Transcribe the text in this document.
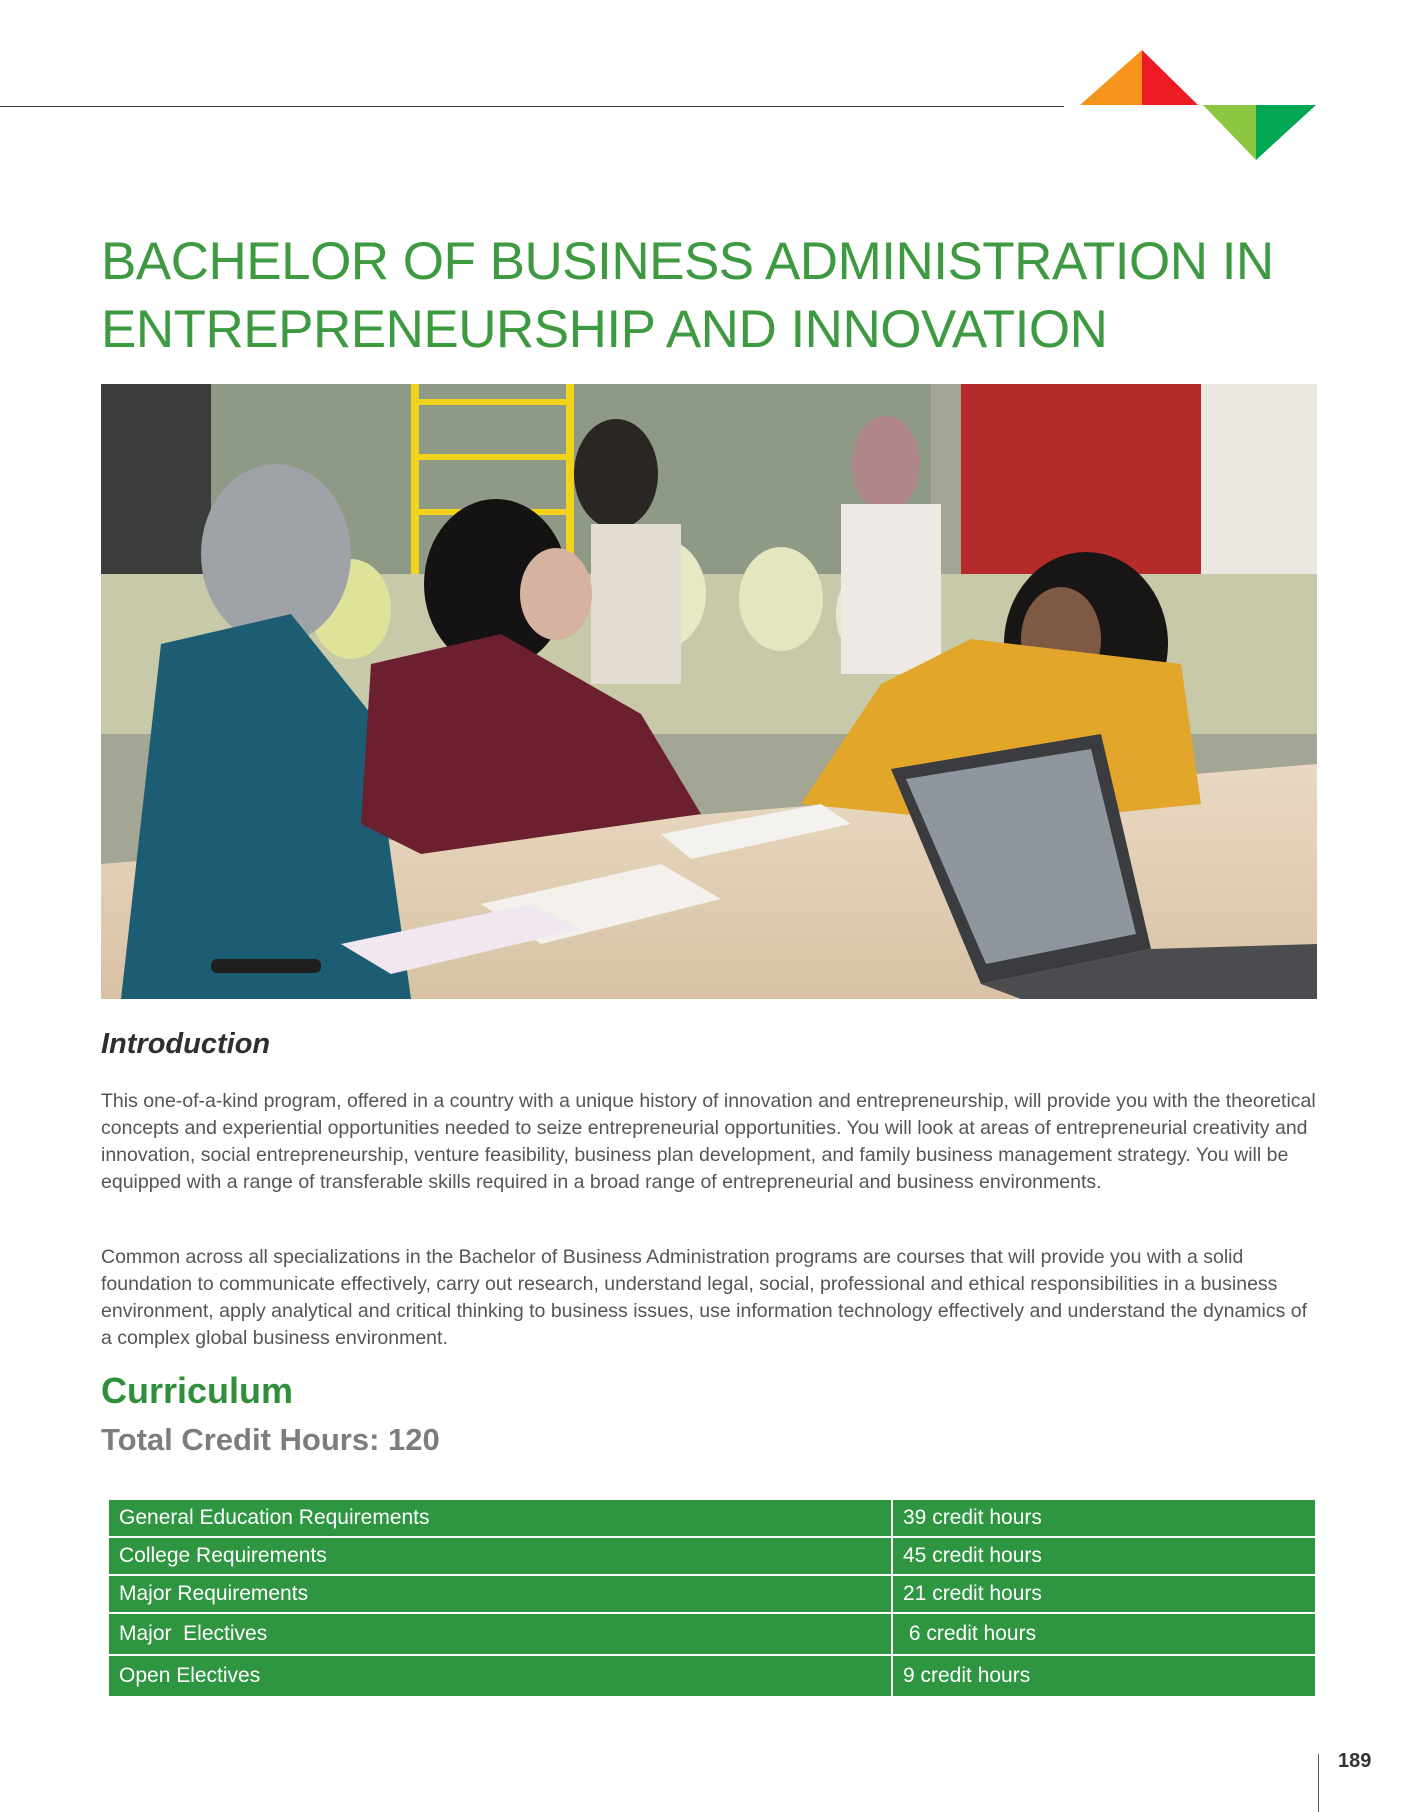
BACHELOR OF BUSINESS ADMINISTRATION IN
ENTREPRENEURSHIP AND INNOVATION
Introduction

This one-of-a-kind program, offered in a country with a unique history of innovation and entrepreneurship, will provide you with the theoretical concepts and experiential opportunities needed to seize entrepreneurial opportunities. You will look at areas of entrepreneurial creativity and innovation, social entrepreneurship, venture feasibility, business plan development, and family business management strategy. You will be equipped with a range of transferable skills required in a broad range of entrepreneurial and business environments.

Common across all specializations in the Bachelor of Business Administration programs are courses that will provide you with a solid foundation to communicate effectively, carry out research, understand legal, social, professional and ethical responsibilities in a business environment, apply analytical and critical thinking to business issues, use information technology effectively and understand the dynamics of a complex global business environment.

Curriculum
Total Credit Hours: 120
General Education Requirements	39 credit hours
College Requirements	45 credit hours
Major Requirements	21 credit hours
Major  Electives	6 credit hours
Open Electives	9 credit hours
189
